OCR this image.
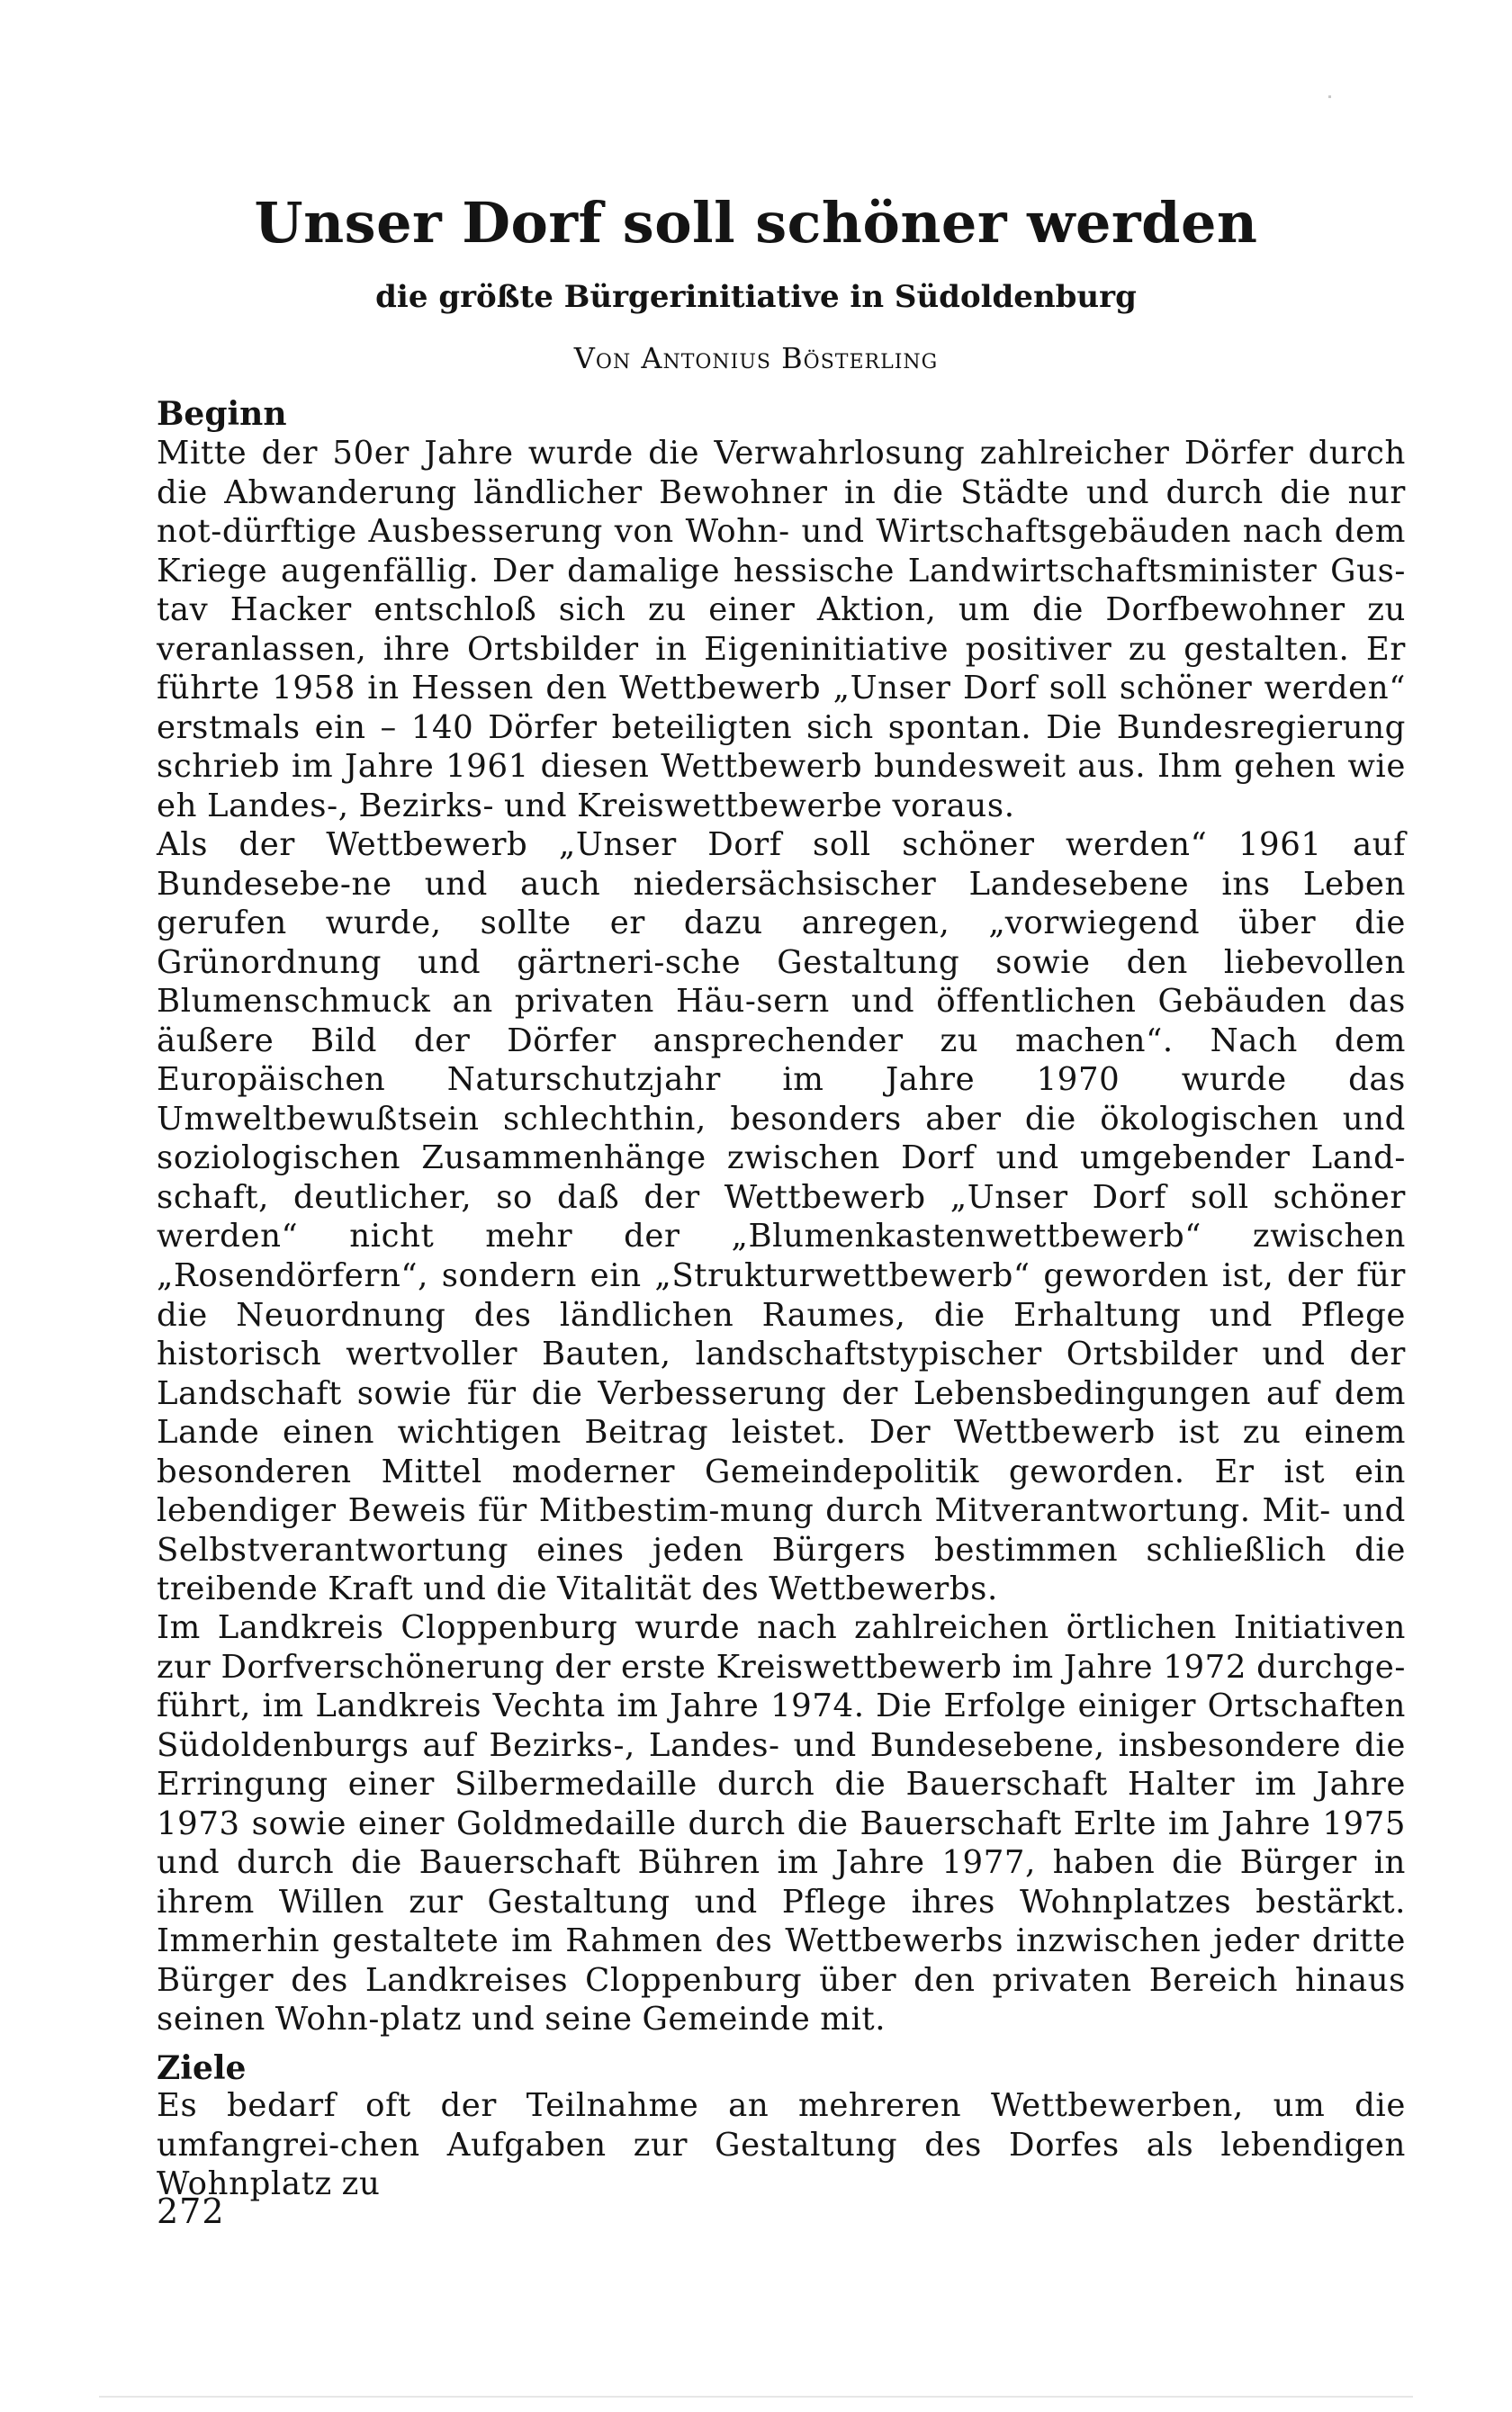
Unser Dorf soll schöner werden
die größte Bürgerinitiative in Südoldenburg
Von Antonius Bösterling
Beginn

Mitte der 50er Jahre wurde die Verwahrlosung zahlreicher Dörfer durch die Abwanderung ländlicher Bewohner in die Städte und durch die nur not-dürftige Ausbesserung von Wohn- und Wirtschaftsgebäuden nach dem Kriege augenfällig. Der damalige hessische Landwirtschaftsminister Gus-tav Hacker entschloß sich zu einer Aktion, um die Dorfbewohner zu veranlassen, ihre Ortsbilder in Eigeninitiative positiver zu gestalten. Er führte 1958 in Hessen den Wettbewerb „Unser Dorf soll schöner werden“ erstmals ein – 140 Dörfer beteiligten sich spontan. Die Bundesregierung schrieb im Jahre 1961 diesen Wettbewerb bundesweit aus. Ihm gehen wie eh Landes-, Bezirks- und Kreiswettbewerbe voraus.

Als der Wettbewerb „Unser Dorf soll schöner werden“ 1961 auf Bundesebe-ne und auch niedersächsischer Landesebene ins Leben gerufen wurde, sollte er dazu anregen, „vorwiegend über die Grünordnung und gärtneri-sche Gestaltung sowie den liebevollen Blumenschmuck an privaten Häu-sern und öffentlichen Gebäuden das äußere Bild der Dörfer ansprechender zu machen“. Nach dem Europäischen Naturschutzjahr im Jahre 1970 wurde das Umweltbewußtsein schlechthin, besonders aber die ökologischen und soziologischen Zusammenhänge zwischen Dorf und umgebender Land-schaft, deutlicher, so daß der Wettbewerb „Unser Dorf soll schöner werden“ nicht mehr der „Blumenkastenwettbewerb“ zwischen „Rosendörfern“, sondern ein „Strukturwettbewerb“ geworden ist, der für die Neuordnung des ländlichen Raumes, die Erhaltung und Pflege historisch wertvoller Bauten, landschaftstypischer Ortsbilder und der Landschaft sowie für die Verbesserung der Lebensbedingungen auf dem Lande einen wichtigen Beitrag leistet. Der Wettbewerb ist zu einem besonderen Mittel moderner Gemeindepolitik geworden. Er ist ein lebendiger Beweis für Mitbestim-mung durch Mitverantwortung. Mit- und Selbstverantwortung eines jeden Bürgers bestimmen schließlich die treibende Kraft und die Vitalität des Wettbewerbs.

Im Landkreis Cloppenburg wurde nach zahlreichen örtlichen Initiativen zur Dorfverschönerung der erste Kreiswettbewerb im Jahre 1972 durchge-führt, im Landkreis Vechta im Jahre 1974. Die Erfolge einiger Ortschaften Südoldenburgs auf Bezirks-, Landes- und Bundesebene, insbesondere die Erringung einer Silbermedaille durch die Bauerschaft Halter im Jahre 1973 sowie einer Goldmedaille durch die Bauerschaft Erlte im Jahre 1975 und durch die Bauerschaft Bühren im Jahre 1977, haben die Bürger in ihrem Willen zur Gestaltung und Pflege ihres Wohnplatzes bestärkt. Immerhin gestaltete im Rahmen des Wettbewerbs inzwischen jeder dritte Bürger des Landkreises Cloppenburg über den privaten Bereich hinaus seinen Wohn-platz und seine Gemeinde mit.

Ziele

Es bedarf oft der Teilnahme an mehreren Wettbewerben, um die umfangrei-chen Aufgaben zur Gestaltung des Dorfes als lebendigen Wohnplatz zu

272
